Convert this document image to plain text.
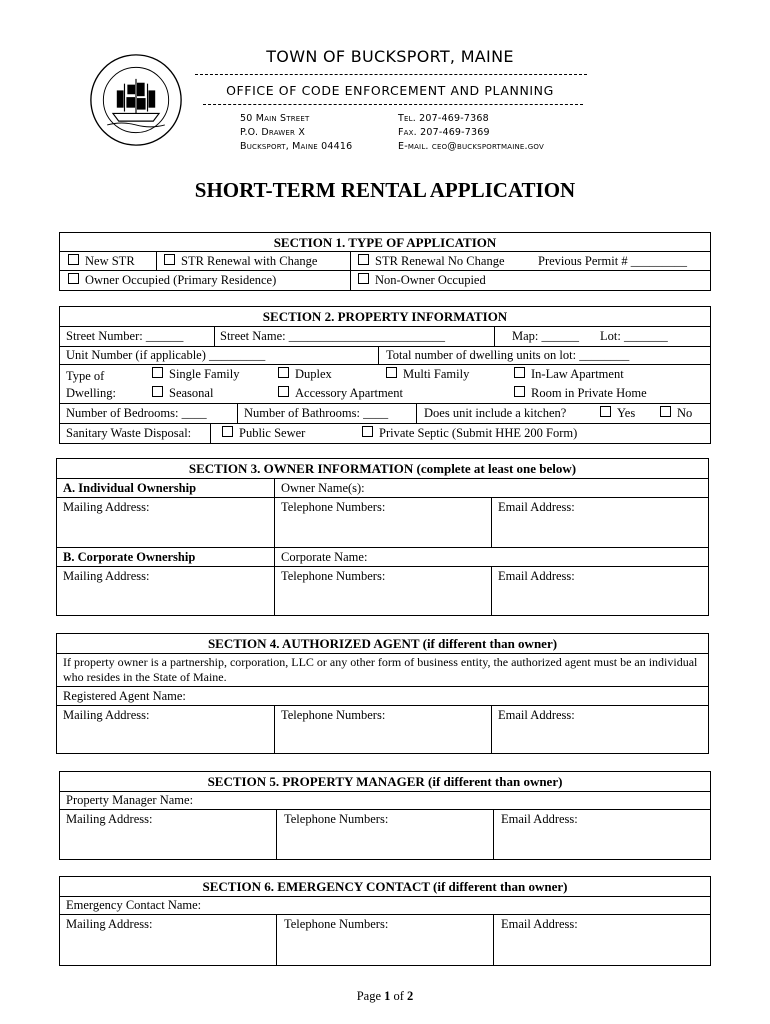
TOWN OF BUCKSPORT, MAINE
OFFICE OF CODE ENFORCEMENT AND PLANNING
50 Main Street
P.O. Drawer X
Bucksport, Maine 04416
Tel. 207-469-7368
Fax. 207-469-7369
E-mail. ceo@bucksportmaine.gov
SHORT-TERM RENTAL APPLICATION
SECTION 1. TYPE OF APPLICATION
New STR	STR Renewal with Change	STR Renewal No Change	Previous Permit # _________
Owner Occupied (Primary Residence)	Non-Owner Occupied
SECTION 2. PROPERTY INFORMATION
Street Number: ______	Street Name: _________________________	Map: ______ Lot: _______
Unit Number (if applicable) _________	Total number of dwelling units on lot: ________
Type of
Dwelling:
Single Family	Duplex	Multi Family	In-Law Apartment
Seasonal	Accessory Apartment	Room in Private Home
Number of Bedrooms: ____	Number of Bathrooms: ____	Does unit include a kitchen?	Yes	No
Sanitary Waste Disposal:	Public Sewer	Private Septic (Submit HHE 200 Form)
SECTION 3. OWNER INFORMATION (complete at least one below)
A. Individual Ownership	Owner Name(s):
Mailing Address:	Telephone Numbers:	Email Address:
B. Corporate Ownership	Corporate Name:
Mailing Address:	Telephone Numbers:	Email Address:
SECTION 4. AUTHORIZED AGENT (if different than owner)
If property owner is a partnership, corporation, LLC or any other form of business entity, the authorized agent must be an individual who resides in the State of Maine.
Registered Agent Name:
Mailing Address:	Telephone Numbers:	Email Address:
SECTION 5. PROPERTY MANAGER (if different than owner)
Property Manager Name:
Mailing Address:	Telephone Numbers:	Email Address:
SECTION 6. EMERGENCY CONTACT (if different than owner)
Emergency Contact Name:
Mailing Address:	Telephone Numbers:	Email Address:
Page 1 of 2
